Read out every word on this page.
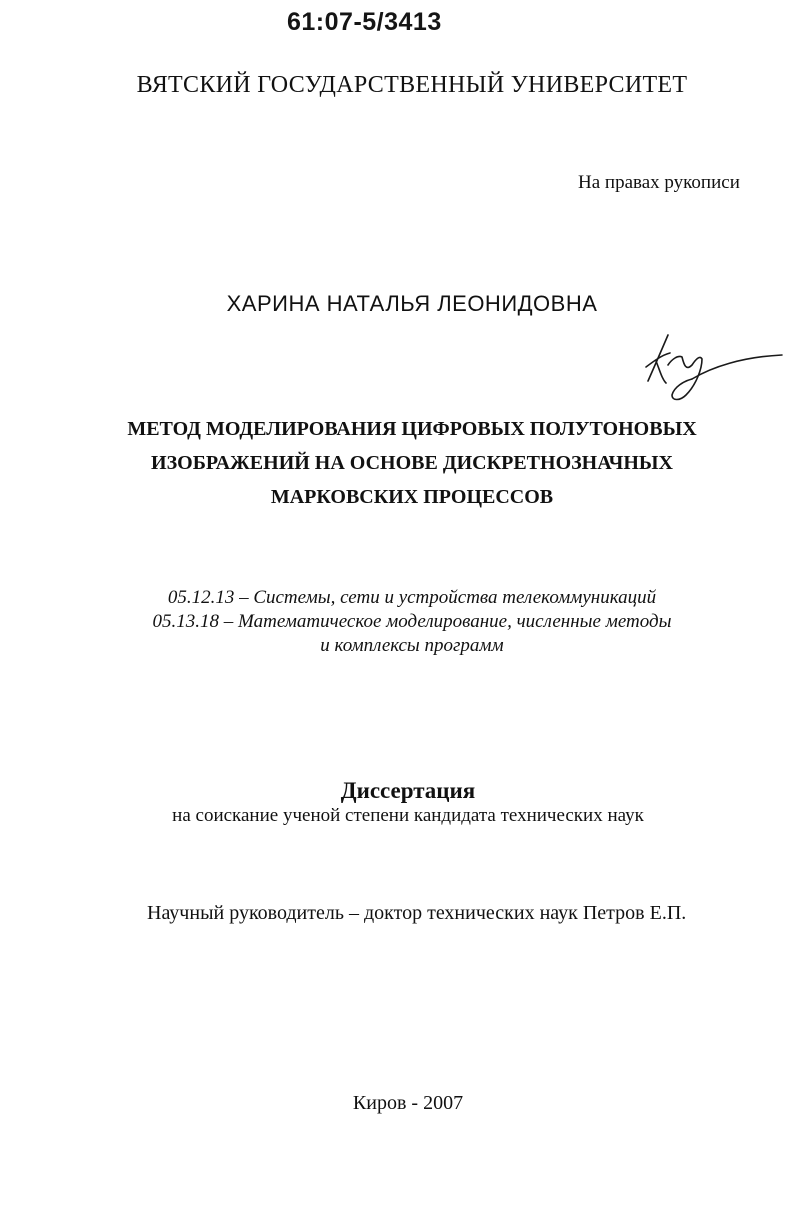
61:07-5/3413
ВЯТСКИЙ ГОСУДАРСТВЕННЫЙ УНИВЕРСИТЕТ
На правах рукописи
ХАРИНА НАТАЛЬЯ ЛЕОНИДОВНА
МЕТОД МОДЕЛИРОВАНИЯ ЦИФРОВЫХ ПОЛУТОНОВЫХ
ИЗОБРАЖЕНИЙ НА ОСНОВЕ ДИСКРЕТНОЗНАЧНЫХ
МАРКОВСКИХ ПРОЦЕССОВ
05.12.13 – Системы, сети и устройства телекоммуникаций
05.13.18 – Математическое моделирование, численные методы
и комплексы программ
Диссертация
на соискание ученой степени кандидата технических наук
Научный руководитель – доктор технических наук Петров Е.П.
Киров - 2007
